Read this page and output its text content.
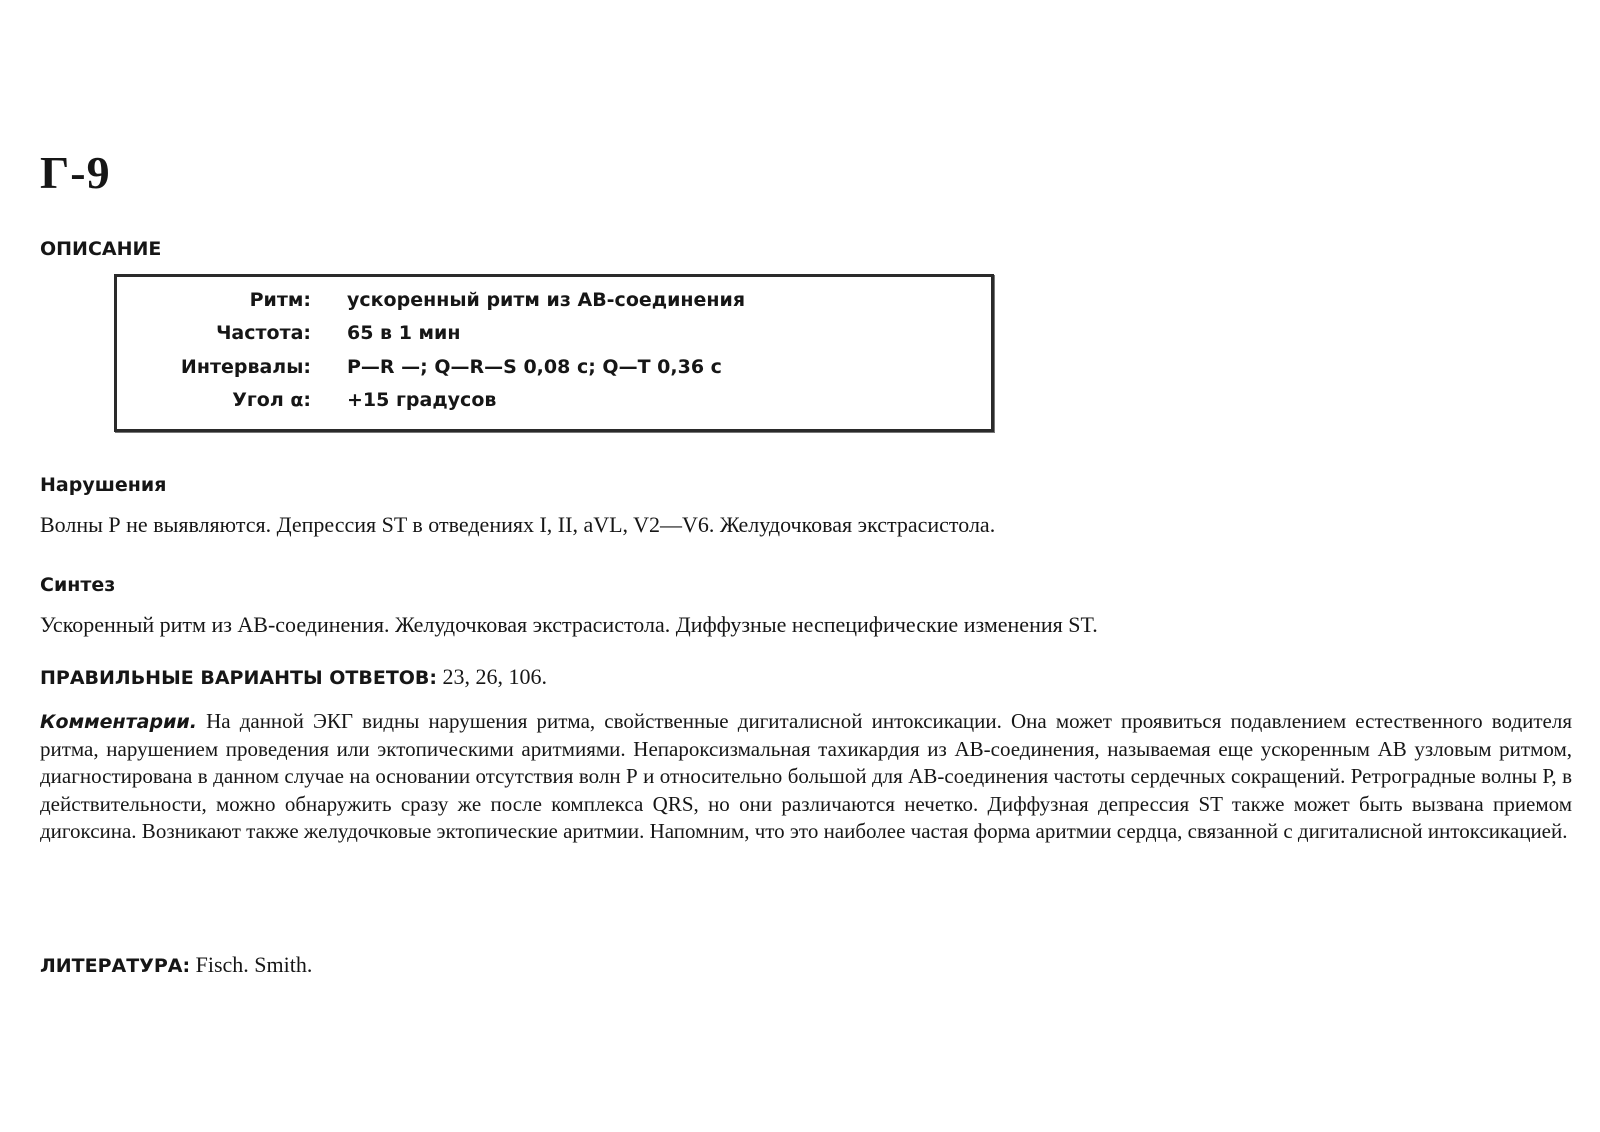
Г-9
ОПИСАНИЕ
Ритм: ускоренный ритм из АВ-соединения
Частота: 65 в 1 мин
Интервалы: P—R —; Q—R—S 0,08 с; Q—T 0,36 с
Угол α: +15 градусов
Нарушения
Волны Р не выявляются. Депрессия ST в отведениях I, II, aVL, V2—V6. Желудочковая экстрасистола.
Синтез
Ускоренный ритм из АВ-соединения. Желудочковая экстрасистола. Диффузные неспецифические изменения ST.
ПРАВИЛЬНЫЕ ВАРИАНТЫ ОТВЕТОВ: 23, 26, 106.
Комментарии. На данной ЭКГ видны нарушения ритма, свойственные дигиталисной интоксикации. Она может проявиться подавлением естественного водителя ритма, нарушением проведения или эктопическими аритмиями. Непароксизмальная тахикардия из АВ-соединения, называемая еще ускоренным АВ узловым ритмом, диагностирована в данном случае на основании отсутствия волн Р и относительно большой для АВ-соединения частоты сердечных сокращений. Ретроградные волны Р, в действительности, можно обнаружить сразу же после комплекса QRS, но они различаются нечетко. Диффузная депрессия ST также может быть вызвана приемом дигоксина. Возникают также желудочковые эктопические аритмии. Напомним, что это наиболее частая форма аритмии сердца, связанной с дигиталисной интоксикацией.
ЛИТЕРАТУРА: Fisch. Smith.
